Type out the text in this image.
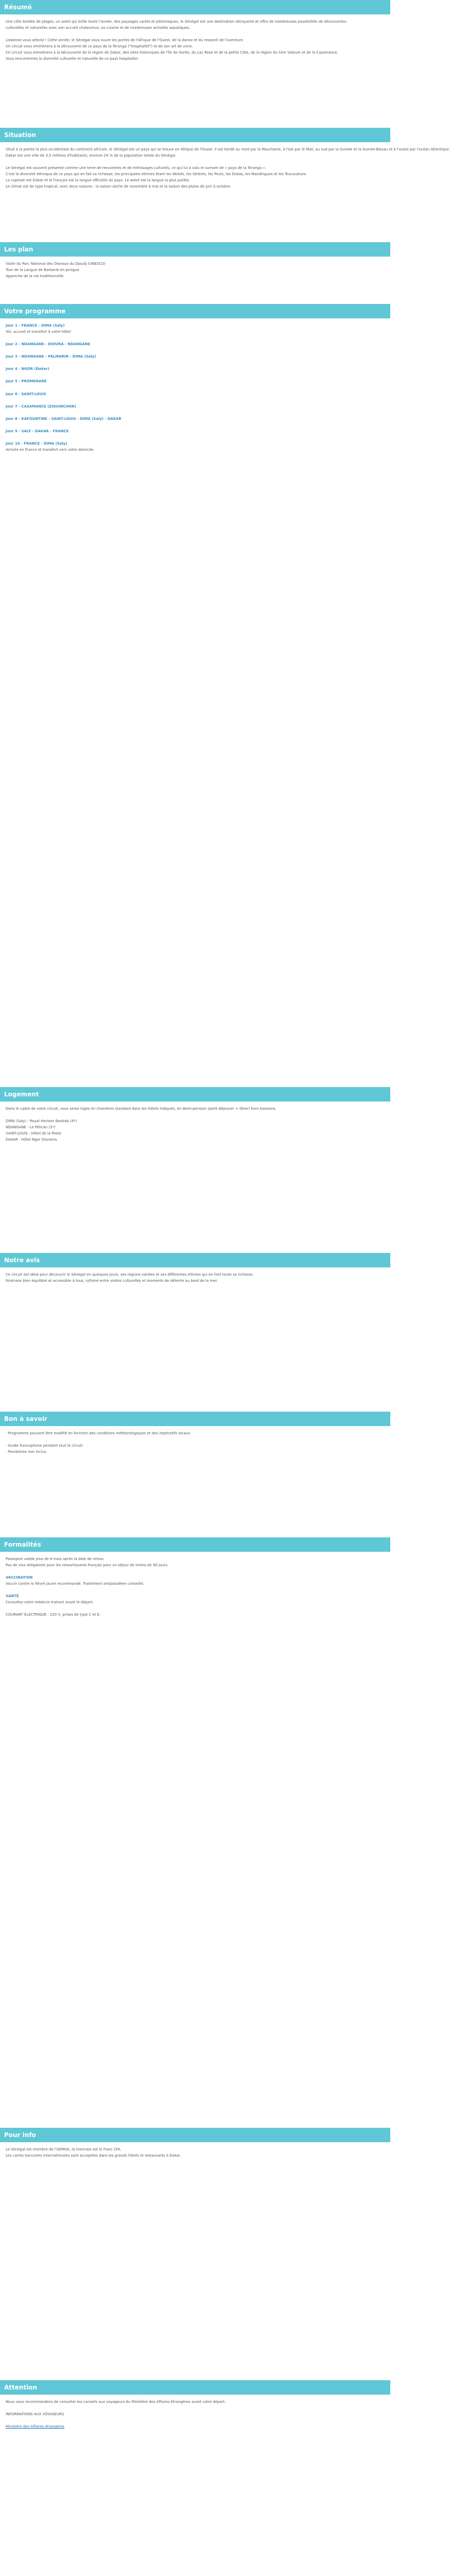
Résumé
Une côte bordée de plages, un soleil qui brille toute l'année, des paysages variés et pittoresques, le Sénégal est une destination attrayante et offre de nombreuses possibilités de découvertes.
culturelles et naturelles avec son accueil chaleureux, sa cuisine et de nombreuses activités aquatiques.
Lisbonne vous attend ! Cette année, le Sénégal vous ouvre les portes de l'Afrique de l'Ouest, de la danse et du ressenti de l'aventure.
Un circuit vous emmènera à la découverte de ce pays de la Teranga ("hospitalité") et de son art de vivre.
Ce circuit vous emmènera à la découverte de la région de Dakar, des sites historiques de l'île de Gorée, du Lac Rose et de la petite Côte, de la région du Sine Saloum et de la Casamance.
Vous rencontrerez la diversité culturelle et naturelle de ce pays hospitalier.
Situation
Situé à la pointe la plus occidentale du continent africain, le Sénégal est un pays qui se trouve en Afrique de l'Ouest. Il est bordé au nord par la Mauritanie, à l'est par le Mali, au sud par la Guinée et la Guinée-Bissau et à l'ouest par l'océan Atlantique.
Dakar est une ville de 3,5 millions d'habitants, environ 24 % de la population totale du Sénégal.
Le Sénégal est souvent présenté comme une terre de rencontres et de métissages culturels, ce qui lui a valu le surnom de « pays de la Teranga ».
C'est la diversité ethnique de ce pays qui en fait sa richesse, les principales ethnies étant les Wolofs, les Sérères, les Peuls, les Diolas, les Mandingues et les Toucouleurs.
La capitale est Dakar et le français est la langue officielle du pays. Le wolof est la langue la plus parlée.
Le climat est de type tropical, avec deux saisons : la saison sèche de novembre à mai et la saison des pluies de juin à octobre.
Les plan
Visite du Parc National des Oiseaux du Djoudj (UNESCO)
Tour de la Langue de Barbarie en pirogue
Approche de la vie traditionnelle
Votre programme
Jour 1 - FRANCE - DIMA (Saly)
Vol, accueil et transfert à votre hôtel
Jour 2 - NDANGANE - DIOURA - NDANGANE
Jour 3 - NDANGANE - PALMARIN - DIMA (Saly)
Jour 4 - NGOR (Dakar)
Jour 5 - PROMENADE
Jour 6 - SAINT-LOUIS
Jour 7 - CASAMANCE (ZIGUINCHOR)
Jour 8 - KAFOUNTINE - SAINT-LOUIS - DIMA (Saly) - DAKAR
Jour 9 - SALY - DAKAR - FRANCE
Jour 10 - FRANCE - DIMA (Saly)
Arrivée en France et transfert vers votre domicile.
Logement
Dans le cadre de votre circuit, vous serez logés en chambres standard dans les hôtels indiqués, en demi-pension (petit déjeuner + dîner) hors boissons.
DIMA (Saly) - Royal Horizon Baobab (4*)
NDANGANE - Le Pélican (3*)
SAINT-LOUIS - Hôtel de la Poste
DAKAR - Hôtel Ngor Diarama
Notre avis
Ce circuit est idéal pour découvrir le Sénégal en quelques jours, ses régions variées et ses différentes ethnies qui en font toute sa richesse.
Itinéraire bien équilibré et accessible à tous, rythmé entre visites culturelles et moments de détente au bord de la mer.
Bon à savoir
- Programme pouvant être modifié en fonction des conditions météorologiques et des impératifs locaux.
- Guide francophone pendant tout le circuit.
- Pourboires non inclus.
Formalités
Passeport valide plus de 6 mois après la date de retour.
Pas de visa obligatoire pour les ressortissants français pour un séjour de moins de 90 jours.
VACCINATION
Vaccin contre la fièvre jaune recommandé. Traitement antipaludéen conseillé.
SANTÉ
Consultez votre médecin traitant avant le départ.
COURANT ÉLECTRIQUE : 220 V, prises de type C et E.
Pour info
Le Sénégal est membre de l'UEMOA, la monnaie est le franc CFA.
Les cartes bancaires internationales sont acceptées dans les grands hôtels et restaurants à Dakar.
Attention
Nous vous recommandons de consulter les conseils aux voyageurs du Ministère des Affaires Étrangères avant votre départ.
INFORMATIONS AUX VOYAGEURS
Ministère des Affaires étrangères
